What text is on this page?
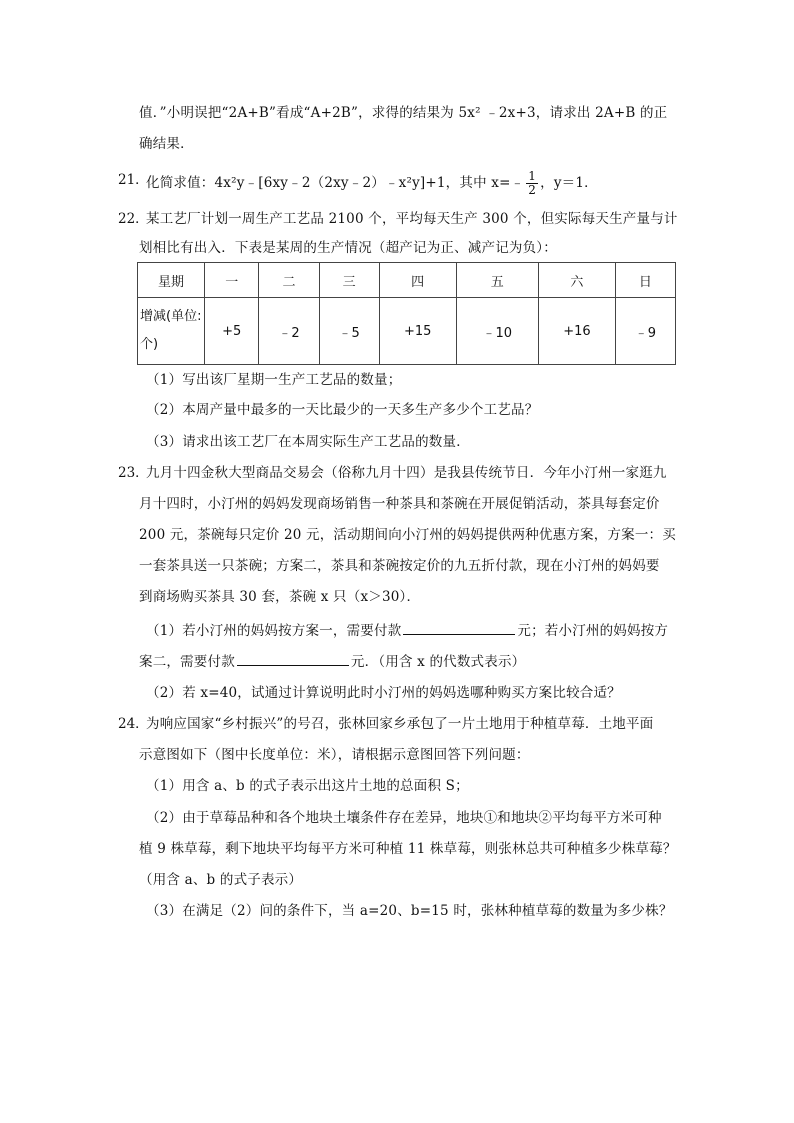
值．”小明误把“2A+B”看成“A+2B”，求得的结果为 5x² ﹣2x+3，请求出 2A+B 的正
确结果．
21．
化简求值：4x²y﹣[6xy﹣2（2xy﹣2）﹣x²y]+1，其中 x=﹣ $\frac{1}{2}$ ，y＝1．
22．
某工艺厂计划一周生产工艺品 2100 个，平均每天生产 300 个，但实际每天生产量与计
划相比有出入．下表是某周的生产情况（超产记为正、减产记为负）：
星期	一	二	三	四	五	六	日
增减(单位:
个)	+5	﹣2	﹣5	+15	﹣10	+16	﹣9
（1）写出该厂星期一生产工艺品的数量；
（2）本周产量中最多的一天比最少的一天多生产多少个工艺品？
（3）请求出该工艺厂在本周实际生产工艺品的数量．
23．
九月十四金秋大型商品交易会（俗称九月十四）是我县传统节日．今年小汀州一家逛九
月十四时，小汀州的妈妈发现商场销售一种茶具和茶碗在开展促销活动，茶具每套定价
200 元，茶碗每只定价 20 元，活动期间向小汀州的妈妈提供两种优惠方案，方案一：买
一套茶具送一只茶碗；方案二，茶具和茶碗按定价的九五折付款，现在小汀州的妈妈要
到商场购买茶具 30 套，茶碗 x 只（x＞30）．
（1）若小汀州的妈妈按方案一，需要付款	元；若小汀州的妈妈按方
案二，需要付款	元．（用含 x 的代数式表示）
（2）若 x=40，试通过计算说明此时小汀州的妈妈选哪种购买方案比较合适？
24．
为响应国家“乡村振兴”的号召，张林回家乡承包了一片土地用于种植草莓．土地平面
示意图如下（图中长度单位：米），请根据示意图回答下列问题：
（1）用含 a、b 的式子表示出这片土地的总面积 S；
（2）由于草莓品种和各个地块土壤条件存在差异，地块①和地块②平均每平方米可种
植 9 株草莓，剩下地块平均每平方米可种植 11 株草莓，则张林总共可种植多少株草莓？
（用含 a、b 的式子表示）
（3）在满足（2）问的条件下，当 a=20、b=15 时，张林种植草莓的数量为多少株？
